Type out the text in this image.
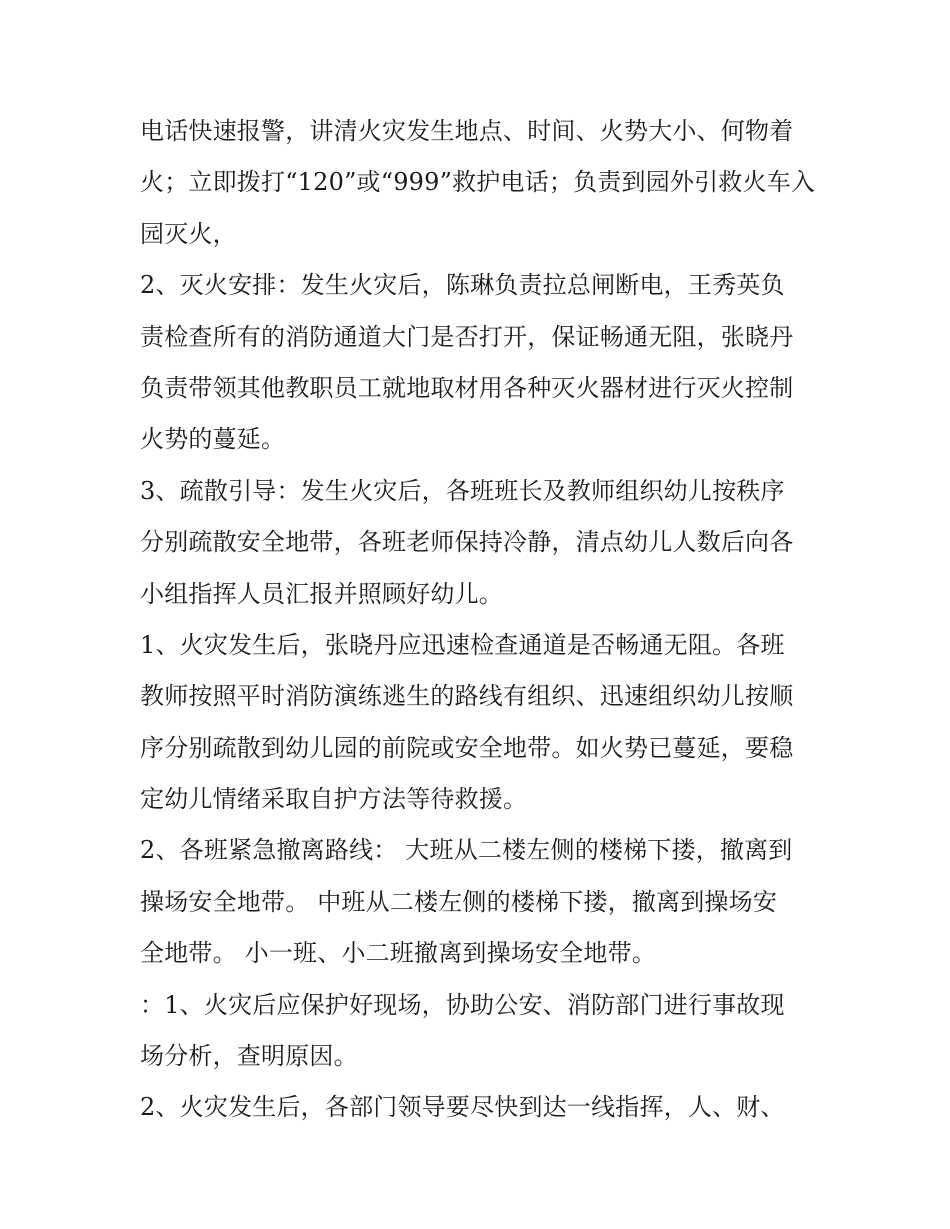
电话快速报警，讲清火灾发生地点、时间、火势大小、何物着
火；立即拨打“120”或“999”救护电话；负责到园外引救火车入
园灭火，
2、灭火安排：发生火灾后，陈琳负责拉总闸断电，王秀英负
责检查所有的消防通道大门是否打开，保证畅通无阻，张晓丹
负责带领其他教职员工就地取材用各种灭火器材进行灭火控制
火势的蔓延。
3、疏散引导：发生火灾后，各班班长及教师组织幼儿按秩序
分别疏散安全地带，各班老师保持冷静，清点幼儿人数后向各
小组指挥人员汇报并照顾好幼儿。
1、火灾发生后，张晓丹应迅速检查通道是否畅通无阻。各班
教师按照平时消防演练逃生的路线有组织、迅速组织幼儿按顺
序分别疏散到幼儿园的前院或安全地带。如火势已蔓延，要稳
定幼儿情绪采取自护方法等待救援。
2、各班紧急撤离路线： 大班从二楼左侧的楼梯下搂，撤离到
操场安全地带。 中班从二楼左侧的楼梯下搂，撤离到操场安
全地带。 小一班、小二班撤离到操场安全地带。
：1、火灾后应保护好现场，协助公安、消防部门进行事故现
场分析，查明原因。
2、火灾发生后，各部门领导要尽快到达一线指挥，人、财、
